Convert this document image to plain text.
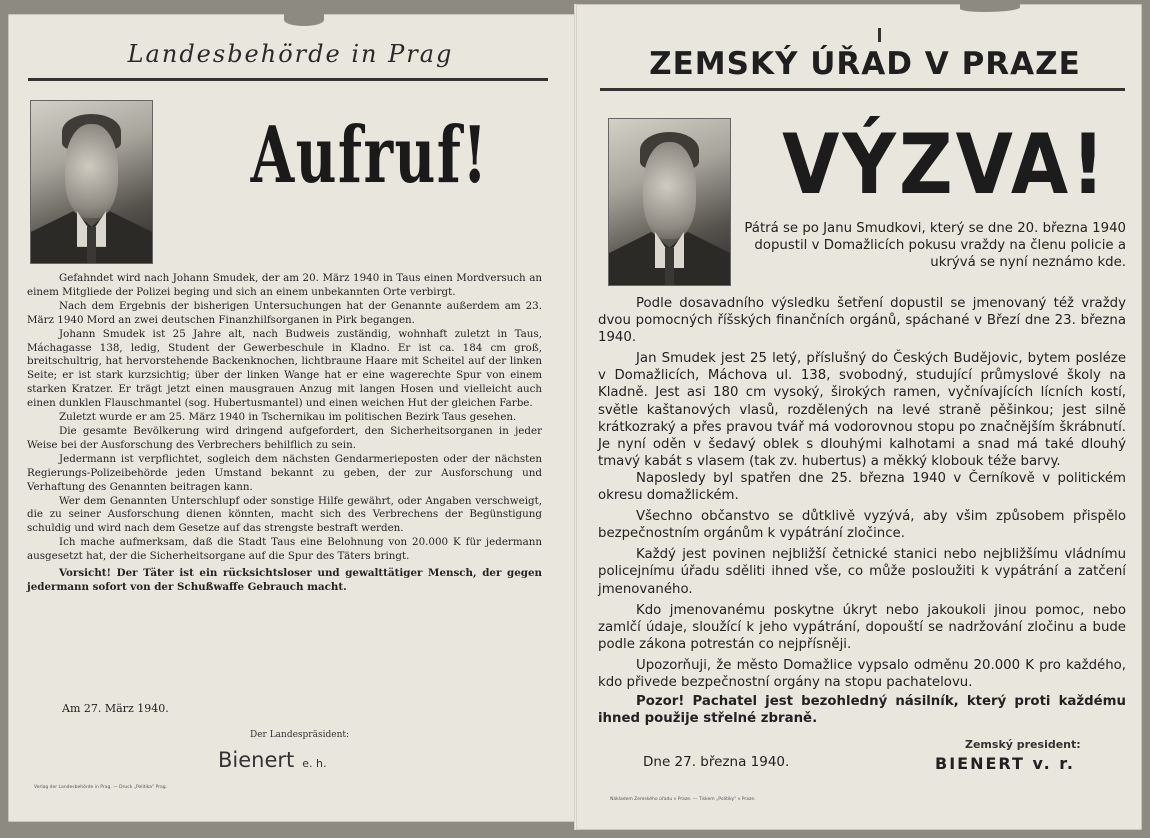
Landesbehörde in Prag
Aufruf!

Gefahndet wird nach Johann Smudek, der am 20. März 1940 in Taus einen Mordversuch an einem Mitgliede der Polizei beging und sich an einem unbekannten Orte verbirgt.

Nach dem Ergebnis der bisherigen Untersuchungen hat der Genannte außerdem am 23. März 1940 Mord an zwei deutschen Finanzhilfsorganen in Pirk begangen.

Johann Smudek ist 25 Jahre alt, nach Budweis zuständig, wohnhaft zuletzt in Taus, Máchagasse 138, ledig, Student der Gewerbeschule in Kladno. Er ist ca. 184 cm groß, breitschultrig, hat hervorstehende Backenknochen, lichtbraune Haare mit Scheitel auf der linken Seite; er ist stark kurzsichtig; über der linken Wange hat er eine wagerechte Spur von einem starken Kratzer. Er trägt jetzt einen mausgrauen Anzug mit langen Hosen und vielleicht auch einen dunklen Flauschmantel (sog. Hubertusmantel) und einen weichen Hut der gleichen Farbe.

Zuletzt wurde er am 25. März 1940 in Tschernikau im politischen Bezirk Taus gesehen.

Die gesamte Bevölkerung wird dringend aufgefordert, den Sicherheitsorganen in jeder Weise bei der Ausforschung des Verbrechers behilflich zu sein.

Jedermann ist verpflichtet, sogleich dem nächsten Gendarmerieposten oder der nächsten Regierungs-Polizeibehörde jeden Umstand bekannt zu geben, der zur Ausforschung und Verhaftung des Genannten beitragen kann.

Wer dem Genannten Unterschlupf oder sonstige Hilfe gewährt, oder Angaben verschweigt, die zu seiner Ausforschung dienen könnten, macht sich des Verbrechens der Begünstigung schuldig und wird nach dem Gesetze auf das strengste bestraft werden.

Ich mache aufmerksam, daß die Stadt Taus eine Belohnung von 20.000 K für jedermann ausgesetzt hat, der die Sicherheitsorgane auf die Spur des Täters bringt.

Vorsicht! Der Täter ist ein rücksichtsloser und gewalttätiger Mensch, der gegen jedermann sofort von der Schußwaffe Gebrauch macht.

Am 27. März 1940.
Der Landespräsident:
Bienert e. h.
Verlag der Landesbehörde in Prag. — Druck „Politika" Prag.
ZEMSKÝ ÚŘAD V PRAZE
VÝZVA!
Pátrá se po Janu Smudkovi, který se dne 20. března 1940 dopustil v Domažlicích pokusu vraždy na členu policie a ukrývá se nyní neznámo kde.

Podle dosavadního výsledku šetření dopustil se jmenovaný též vraždy dvou pomocných říšských finančních orgánů, spáchané v Březí dne 23. března 1940.

Jan Smudek jest 25 letý, příslušný do Českých Budějovic, bytem posléze v Domažlicích, Máchova ul. 138, svobodný, studující průmyslové školy na Kladně. Jest asi 180 cm vysoký, širokých ramen, vyčnívajících lícních kostí, světle kaštanových vlasů, rozdělených na levé straně pěšinkou; jest silně krátkozraký a přes pravou tvář má vodorovnou stopu po značnějším škrábnutí. Je nyní oděn v šedavý oblek s dlouhými kalhotami a snad má také dlouhý tmavý kabát s vlasem (tak zv. hubertus) a měkký klobouk téže barvy.

Naposledy byl spatřen dne 25. března 1940 v Černíkově v politickém okresu domažlickém.

Všechno občanstvo se důtklivě vyzývá, aby všim způsobem přispělo bezpečnostním orgánům k vypátrání zločince.

Každý jest povinen nejbližší četnické stanici nebo nejbližšímu vládnímu policejnímu úřadu sděliti ihned vše, co může posloužiti k vypátrání a zatčení jmenovaného.

Kdo jmenovanému poskytne úkryt nebo jakoukoli jinou pomoc, nebo zamlčí údaje, sloužící k jeho vypátrání, dopouští se nadržování zločinu a bude podle zákona potrestán co nejpřísněji.

Upozorňuji, že město Domažlice vypsalo odměnu 20.000 K pro každého, kdo přivede bezpečnostní orgány na stopu pachatelovu.

Pozor! Pachatel jest bezohledný násilník, který proti každému ihned použije střelné zbraně.

Zemský president:
Dne 27. března 1940.	BIENERT v. r.
Nákladem Zemského úřadu v Praze. — Tiskem „Politiky" v Praze.
